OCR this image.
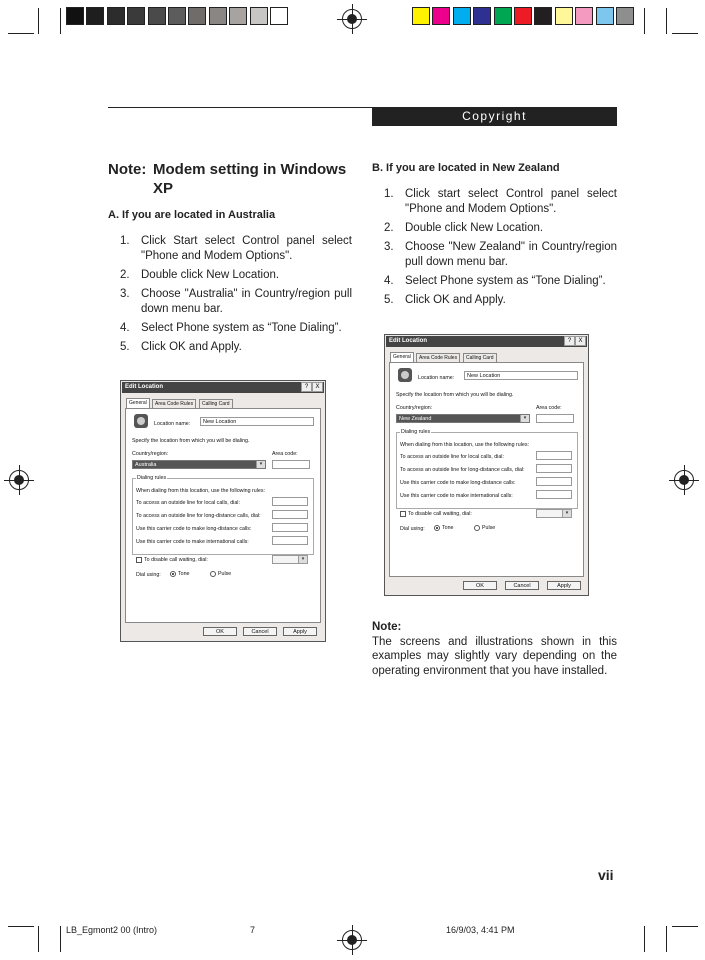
Copyright
Note: Modem setting in Windows XP
A. If you are located in Australia
1. Click Start select Control panel select "Phone and Modem Options".
2. Double click New Location.
3. Choose "Australia" in Country/region pull down menu bar.
4. Select Phone system as “Tone Dialing”.
5. Click OK and Apply.
B. If you are located in New Zealand
1. Click start select Control panel select "Phone and Modem Options".
2. Double click New Location.
3. Choose "New Zealand" in Country/region pull down menu bar.
4. Select Phone system as “Tone Dialing”.
5. Click OK and Apply.
Edit Location	?	X
General	Area Code Rules	Calling Card
Location name:	New Location
Specify the location from which you will be dialing.
Country/region:	Area code:
Australia	▾
Dialing rules
When dialing from this location, use the following rules:
To access an outside line for local calls, dial:
To access an outside line for long-distance calls, dial:
Use this carrier code to make long-distance calls:
Use this carrier code to make international calls:
To disable call waiting, dial:	▾
Dial using:	Tone	Pulse
OK	Cancel	Apply
Edit Location	?	X
General	Area Code Rules	Calling Card
Location name:	New Location
Specify the location from which you will be dialing.
Country/region:	Area code:
New Zealand	▾
Dialing rules
When dialing from this location, use the following rules:
To access an outside line for local calls, dial:
To access an outside line for long-distance calls, dial:
Use this carrier code to make long-distance calls:
Use this carrier code to make international calls:
To disable call waiting, dial:	▾
Dial using:	Tone	Pulse
OK	Cancel	Apply
Note:
The screens and illustrations shown in this examples may slightly vary depending on the operating environment that you have installed.
vii
LB_Egmont2 00 (Intro)	7	16/9/03, 4:41 PM
